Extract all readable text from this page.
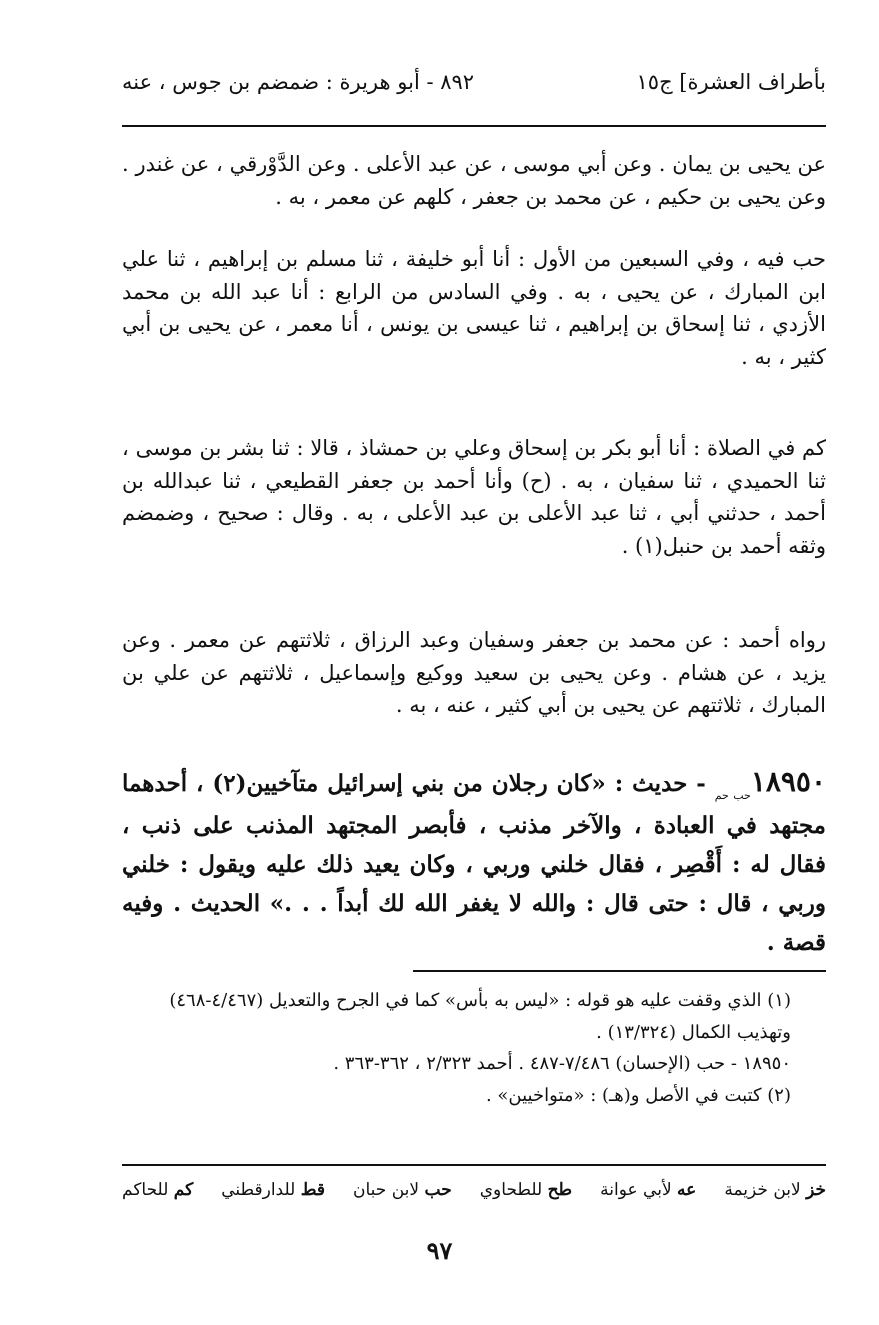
بأطراف العشرة] ج١٥
٨٩٢ - أبو هريرة : ضمضم بن جوس ، عنه

عن يحيى بن يمان . وعن أبي موسى ، عن عبد الأعلى . وعن الدَّوْرقي ، عن غندر . وعن يحيى بن حكيم ، عن محمد بن جعفر ، كلهم عن معمر ، به .

حب فيه ، وفي السبعين من الأول : أنا أبو خليفة ، ثنا مسلم بن إبراهيم ، ثنا علي ابن المبارك ، عن يحيى ، به . وفي السادس من الرابع : أنا عبد الله بن محمد الأزدي ، ثنا إسحاق بن إبراهيم ، ثنا عيسى بن يونس ، أنا معمر ، عن يحيى بن أبي كثير ، به .

كم في الصلاة : أنا أبو بكر بن إسحاق وعلي بن حمشاذ ، قالا : ثنا بشر بن موسى ، ثنا الحميدي ، ثنا سفيان ، به . (ح) وأنا أحمد بن جعفر القطيعي ، ثنا عبدالله بن أحمد ، حدثني أبي ، ثنا عبد الأعلى بن عبد الأعلى ، به . وقال : صحيح ، وضمضم وثقه أحمد بن حنبل(١) .

رواه أحمد : عن محمد بن جعفر وسفيان وعبد الرزاق ، ثلاثتهم عن معمر . وعن يزيد ، عن هشام . وعن يحيى بن سعيد ووكيع وإسماعيل ، ثلاثتهم عن علي بن المبارك ، ثلاثتهم عن يحيى بن أبي كثير ، عنه ، به .

$١٨٩٥٠_{حب حم}$ - حديث : «كان رجلان من بني إسرائيل متآخيين(٢) ، أحدهما مجتهد في العبادة ، والآخر مذنب ، فأبصر المجتهد المذنب على ذنب ، فقال له : أَقْصِر ، فقال خلني وربي ، وكان يعيد ذلك عليه ويقول : خلني وربي ، قال : حتى قال : والله لا يغفر الله لك أبداً . . .» الحديث . وفيه قصة .

(١) الذي وقفت عليه هو قوله : «ليس به بأس» كما في الجرح والتعديل (٤/٤٦٧-٤٦٨) وتهذيب الكمال (١٣/٣٢٤) .

١٨٩٥٠ - حب (الإحسان) ٧/٤٨٦-٤٨٧ . أحمد ٢/٣٢٣ ، ٣٦٢-٣٦٣ .

(٢) كتبت في الأصل و(هـ) : «متواخيين» .

خز لابن خزيمة
عه لأبي عوانة
طح للطحاوي
حب لابن حبان
قط للدارقطني
كم للحاكم
٩٧
